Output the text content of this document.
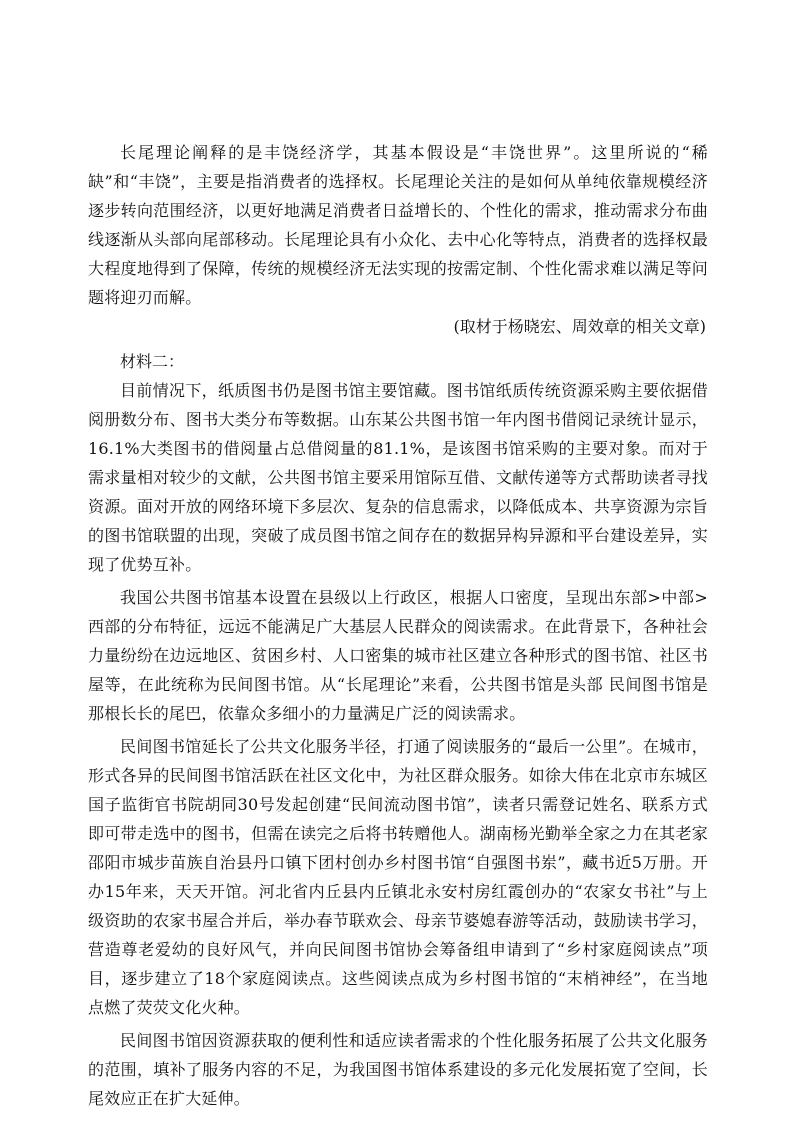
长尾理论阐释的是丰饶经济学，其基本假设是“丰饶世界”。这里所说的“稀缺”和“丰饶”，主要是指消费者的选择权。长尾理论关注的是如何从单纯依靠规模经济逐步转向范围经济，以更好地满足消费者日益增长的、个性化的需求，推动需求分布曲线逐渐从头部向尾部移动。长尾理论具有小众化、去中心化等特点，消费者的选择权最大程度地得到了保障，传统的规模经济无法实现的按需定制、个性化需求难以满足等问题将迎刃而解。

(取材于杨晓宏、周效章的相关文章)

材料二：

目前情况下，纸质图书仍是图书馆主要馆藏。图书馆纸质传统资源采购主要依据借阅册数分布、图书大类分布等数据。山东某公共图书馆一年内图书借阅记录统计显示，16.1%大类图书的借阅量占总借阅量的81.1%，是该图书馆采购的主要对象。而对于需求量相对较少的文献，公共图书馆主要采用馆际互借、文献传递等方式帮助读者寻找资源。面对开放的网络环境下多层次、复杂的信息需求，以降低成本、共享资源为宗旨的图书馆联盟的出现，突破了成员图书馆之间存在的数据异构异源和平台建设差异，实现了优势互补。

我国公共图书馆基本设置在县级以上行政区，根据人口密度，呈现出东部>中部>西部的分布特征，远远不能满足广大基层人民群众的阅读需求。在此背景下，各种社会力量纷纷在边远地区、贫困乡村、人口密集的城市社区建立各种形式的图书馆、社区书屋等，在此统称为民间图书馆。从“长尾理论”来看，公共图书馆是头部 民间图书馆是那根长长的尾巴，依靠众多细小的力量满足广泛的阅读需求。

民间图书馆延长了公共文化服务半径，打通了阅读服务的“最后一公里”。在城市，形式各异的民间图书馆活跃在社区文化中，为社区群众服务。如徐大伟在北京市东城区国子监街官书院胡同30号发起创建“民间流动图书馆”，读者只需登记姓名、联系方式即可带走选中的图书，但需在读完之后将书转赠他人。湖南杨光勤举全家之力在其老家邵阳市城步苗族自治县丹口镇下团村创办乡村图书馆“自强图书岽”，藏书近5万册。开办15年来，天天开馆。河北省内丘县内丘镇北永安村房红霞创办的“农家女书社”与上级资助的农家书屋合并后，举办春节联欢会、母亲节婆媳春游等活动，鼓励读书学习，营造尊老爱幼的良好风气，并向民间图书馆协会筹备组申请到了“乡村家庭阅读点”项目，逐步建立了18个家庭阅读点。这些阅读点成为乡村图书馆的“末梢神经”，在当地点燃了荧荧文化火种。

民间图书馆因资源获取的便利性和适应读者需求的个性化服务拓展了公共文化服务的范围，填补了服务内容的不足，为我国图书馆体系建设的多元化发展拓宽了空间，长尾效应正在扩大延伸。
